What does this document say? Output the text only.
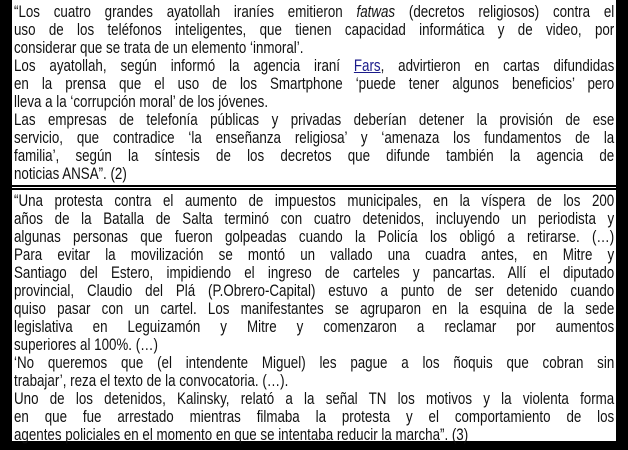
“Los cuatro grandes ayatollah iraníes emitieron fatwas (decretos religiosos) contra el
uso de los teléfonos inteligentes, que tienen capacidad informática y de video, por
considerar que se trata de un elemento ‘inmoral’.
Los ayatollah, según informó la agencia iraní Fars, advirtieron en cartas difundidas
en la prensa que el uso de los Smartphone ‘puede tener algunos beneficios’ pero
lleva a la ‘corrupción moral’ de los jóvenes.
Las empresas de telefonía públicas y privadas deberían detener la provisión de ese
servicio, que contradice ‘la enseñanza religiosa’ y ‘amenaza los fundamentos de la
familia’, según la síntesis de los decretos que difunde también la agencia de
noticias ANSA”. (2)
“Una protesta contra el aumento de impuestos municipales, en la víspera de los 200
años de la Batalla de Salta terminó con cuatro detenidos, incluyendo un periodista y
algunas personas que fueron golpeadas cuando la Policía los obligó a retirarse. (…)
Para evitar la movilización se montó un vallado una cuadra antes, en Mitre y
Santiago del Estero, impidiendo el ingreso de carteles y pancartas. Allí el diputado
provincial, Claudio del Plá (P.Obrero-Capital) estuvo a punto de ser detenido cuando
quiso pasar con un cartel. Los manifestantes se agruparon en la esquina de la sede
legislativa en Leguizamón y Mitre y comenzaron a reclamar por aumentos
superiores al 100%. (…)
‘No queremos que (el intendente Miguel) les pague a los ñoquis que cobran sin
trabajar’, reza el texto de la convocatoria. (…).
Uno de los detenidos, Kalinsky, relató a la señal TN los motivos y la violenta forma
en que fue arrestado mientras filmaba la protesta y el comportamiento de los
agentes policiales en el momento en que se intentaba reducir la marcha”. (3)
